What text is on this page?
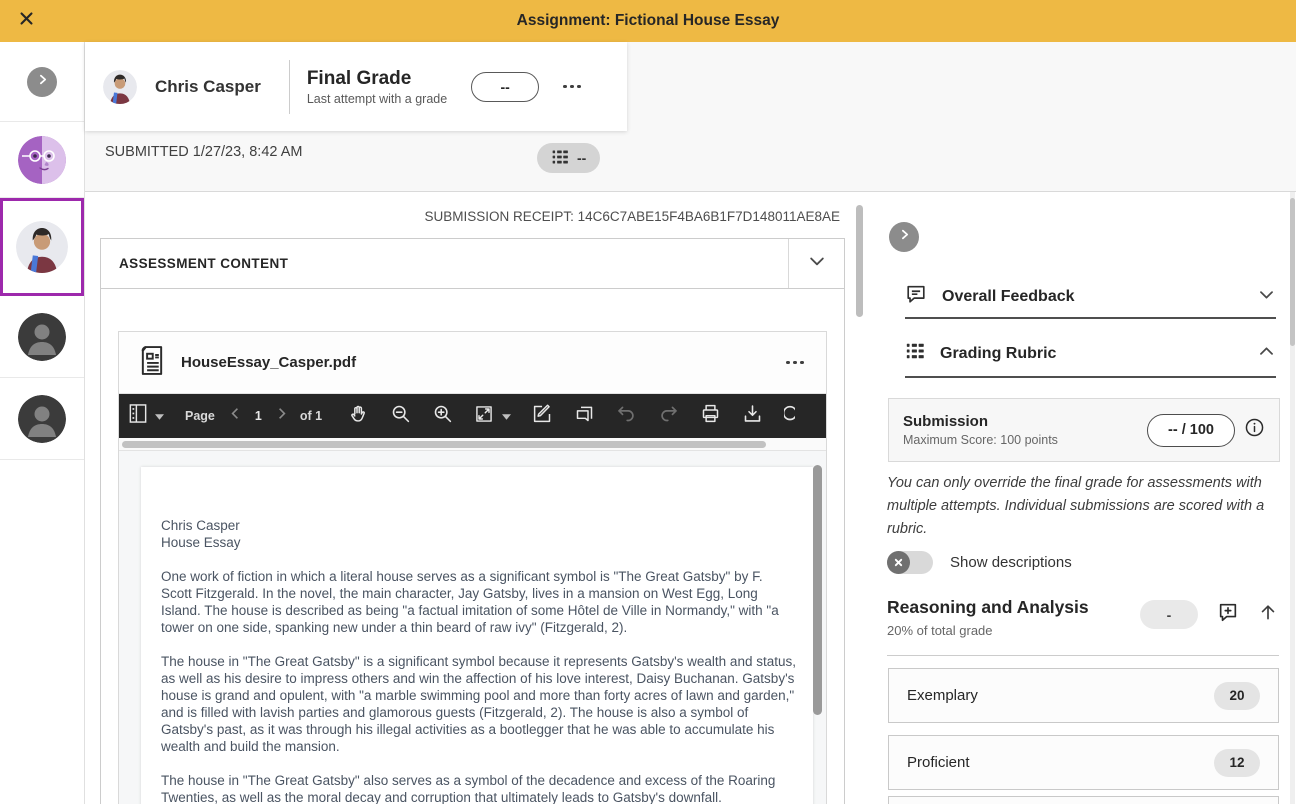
Assignment: Fictional House Essay
Chris Casper Final Grade
Last attempt with a grade
--
SUBMITTED 1/27/23, 8:42 AM	--
SUBMISSION RECEIPT: 14C6C7ABE15F4BA6B1F7D148011AE8AE
ASSESSMENT CONTENT
HouseEssay_Casper.pdf
Page	1	of 1
Chris Casper
House Essay
One work of fiction in which a literal house serves as a significant symbol is "The Great Gatsby" by F. Scott Fitzgerald. In the novel, the main character, Jay Gatsby, lives in a mansion on West Egg, Long Island. The house is described as being "a factual imitation of some Hôtel de Ville in Normandy," with "a tower on one side, spanking new under a thin beard of raw ivy" (Fitzgerald, 2).
The house in "The Great Gatsby" is a significant symbol because it represents Gatsby's wealth and status, as well as his desire to impress others and win the affection of his love interest, Daisy Buchanan. Gatsby's house is grand and opulent, with "a marble swimming pool and more than forty acres of lawn and garden," and is filled with lavish parties and glamorous guests (Fitzgerald, 2). The house is also a symbol of Gatsby's past, as it was through his illegal activities as a bootlegger that he was able to accumulate his wealth and build the mansion.
The house in "The Great Gatsby" also serves as a symbol of the decadence and excess of the Roaring Twenties, as well as the moral decay and corruption that ultimately leads to Gatsby's downfall.
Overall Feedback
Grading Rubric
Submission
Maximum Score: 100 points
-- / 100
You can only override the final grade for assessments with multiple attempts. Individual submissions are scored with a rubric.
Show descriptions
Reasoning and Analysis
20% of total grade
-
Exemplary	20
Proficient	12
